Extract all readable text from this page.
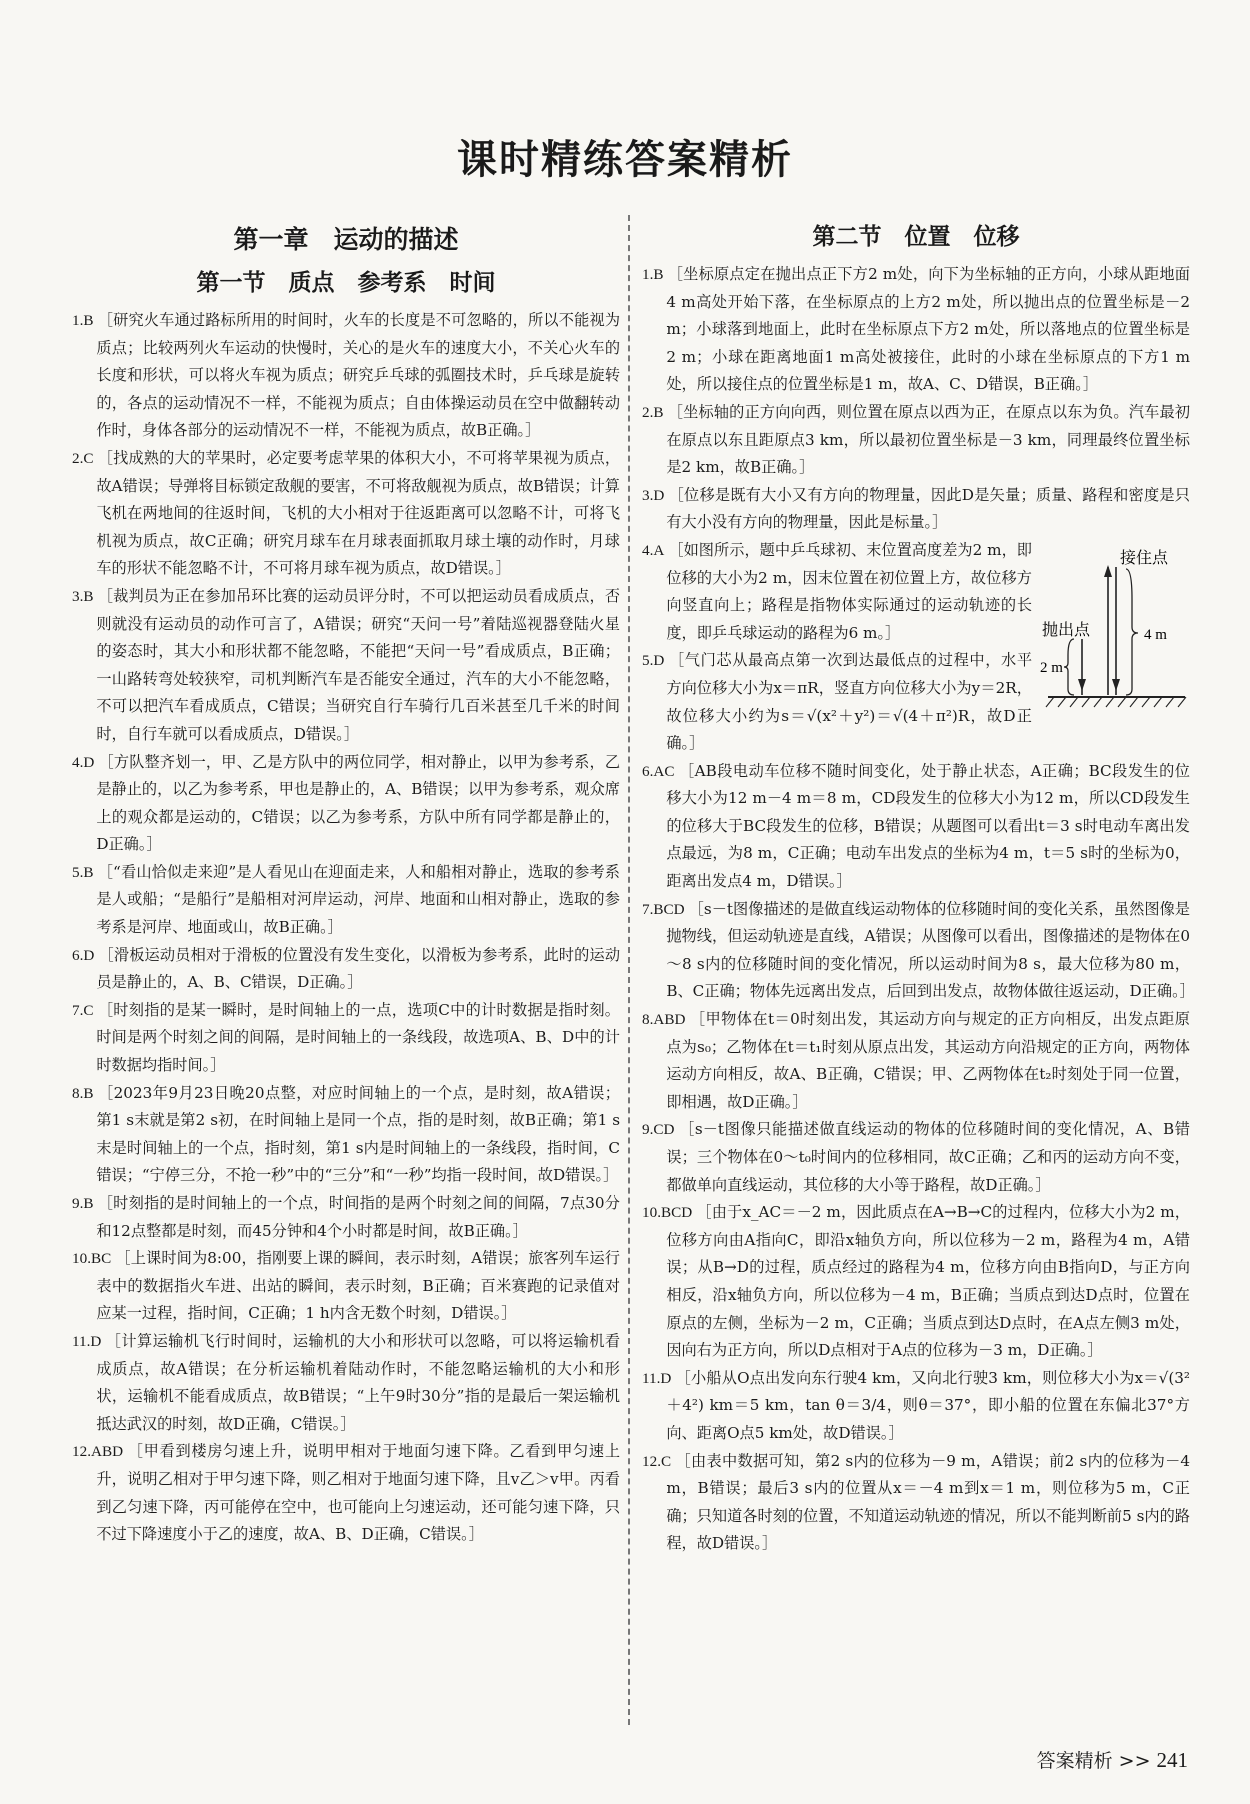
课时精练答案精析
第一章　运动的描述
第一节　质点　参考系　时间
1.B ［研究火车通过路标所用的时间时，火车的长度是不可忽略的，所以不能视为质点；比较两列火车运动的快慢时，关心的是火车的速度大小，不关心火车的长度和形状，可以将火车视为质点；研究乒乓球的弧圈技术时，乒乓球是旋转的，各点的运动情况不一样，不能视为质点；自由体操运动员在空中做翻转动作时，身体各部分的运动情况不一样，不能视为质点，故B正确。］
2.C ［找成熟的大的苹果时，必定要考虑苹果的体积大小，不可将苹果视为质点，故A错误；导弹将目标锁定敌舰的要害，不可将敌舰视为质点，故B错误；计算飞机在两地间的往返时间，飞机的大小相对于往返距离可以忽略不计，可将飞机视为质点，故C正确；研究月球车在月球表面抓取月球土壤的动作时，月球车的形状不能忽略不计，不可将月球车视为质点，故D错误。］
3.B ［裁判员为正在参加吊环比赛的运动员评分时，不可以把运动员看成质点，否则就没有运动员的动作可言了，A错误；研究“天问一号”着陆巡视器登陆火星的姿态时，其大小和形状都不能忽略，不能把“天问一号”看成质点，B正确；一山路转弯处较狭窄，司机判断汽车是否能安全通过，汽车的大小不能忽略，不可以把汽车看成质点，C错误；当研究自行车骑行几百米甚至几千米的时间时，自行车就可以看成质点，D错误。］
4.D ［方队整齐划一，甲、乙是方队中的两位同学，相对静止，以甲为参考系，乙是静止的，以乙为参考系，甲也是静止的，A、B错误；以甲为参考系，观众席上的观众都是运动的，C错误；以乙为参考系，方队中所有同学都是静止的，D正确。］
5.B ［“看山恰似走来迎”是人看见山在迎面走来，人和船相对静止，选取的参考系是人或船；“是船行”是船相对河岸运动，河岸、地面和山相对静止，选取的参考系是河岸、地面或山，故B正确。］
6.D ［滑板运动员相对于滑板的位置没有发生变化，以滑板为参考系，此时的运动员是静止的，A、B、C错误，D正确。］
7.C ［时刻指的是某一瞬时，是时间轴上的一点，选项C中的计时数据是指时刻。时间是两个时刻之间的间隔，是时间轴上的一条线段，故选项A、B、D中的计时数据均指时间。］
8.B ［2023年9月23日晚20点整，对应时间轴上的一个点，是时刻，故A错误；第1 s末就是第2 s初，在时间轴上是同一个点，指的是时刻，故B正确；第1 s末是时间轴上的一个点，指时刻，第1 s内是时间轴上的一条线段，指时间，C错误；“宁停三分，不抢一秒”中的“三分”和“一秒”均指一段时间，故D错误。］
9.B ［时刻指的是时间轴上的一个点，时间指的是两个时刻之间的间隔，7点30分和12点整都是时刻，而45分钟和4个小时都是时间，故B正确。］
10.BC ［上课时间为8:00，指刚要上课的瞬间，表示时刻，A错误；旅客列车运行表中的数据指火车进、出站的瞬间，表示时刻，B正确；百米赛跑的记录值对应某一过程，指时间，C正确；1 h内含无数个时刻，D错误。］
11.D ［计算运输机飞行时间时，运输机的大小和形状可以忽略，可以将运输机看成质点，故A错误；在分析运输机着陆动作时，不能忽略运输机的大小和形状，运输机不能看成质点，故B错误；“上午9时30分”指的是最后一架运输机抵达武汉的时刻，故D正确，C错误。］
12.ABD ［甲看到楼房匀速上升，说明甲相对于地面匀速下降。乙看到甲匀速上升，说明乙相对于甲匀速下降，则乙相对于地面匀速下降，且v乙＞v甲。丙看到乙匀速下降，丙可能停在空中，也可能向上匀速运动，还可能匀速下降，只不过下降速度小于乙的速度，故A、B、D正确，C错误。］
第二节　位置　位移
1.B ［坐标原点定在抛出点正下方2 m处，向下为坐标轴的正方向，小球从距地面4 m高处开始下落，在坐标原点的上方2 m处，所以抛出点的位置坐标是－2 m；小球落到地面上，此时在坐标原点下方2 m处，所以落地点的位置坐标是2 m；小球在距离地面1 m高处被接住，此时的小球在坐标原点的下方1 m处，所以接住点的位置坐标是1 m，故A、C、D错误，B正确。］
2.B ［坐标轴的正方向向西，则位置在原点以西为正，在原点以东为负。汽车最初在原点以东且距原点3 km，所以最初位置坐标是－3 km，同理最终位置坐标是2 km，故B正确。］
3.D ［位移是既有大小又有方向的物理量，因此D是矢量；质量、路程和密度是只有大小没有方向的物理量，因此是标量。］
接住点
抛出点	4 m
2 m
4.A ［如图所示，题中乒乓球初、末位置高度差为2 m，即位移的大小为2 m，因末位置在初位置上方，故位移方向竖直向上；路程是指物体实际通过的运动轨迹的长度，即乒乓球运动的路程为6 m。］
5.D ［气门芯从最高点第一次到达最低点的过程中，水平方向位移大小为x＝πR，竖直方向位移大小为y＝2R，故位移大小约为s＝√(x²＋y²)＝√(4＋π²)R，故D正确。］
6.AC ［AB段电动车位移不随时间变化，处于静止状态，A正确；BC段发生的位移大小为12 m－4 m＝8 m，CD段发生的位移大小为12 m，所以CD段发生的位移大于BC段发生的位移，B错误；从题图可以看出t＝3 s时电动车离出发点最远，为8 m，C正确；电动车出发点的坐标为4 m，t＝5 s时的坐标为0，距离出发点4 m，D错误。］
7.BCD ［s－t图像描述的是做直线运动物体的位移随时间的变化关系，虽然图像是抛物线，但运动轨迹是直线，A错误；从图像可以看出，图像描述的是物体在0～8 s内的位移随时间的变化情况，所以运动时间为8 s，最大位移为80 m，B、C正确；物体先远离出发点，后回到出发点，故物体做往返运动，D正确。］
8.ABD ［甲物体在t＝0时刻出发，其运动方向与规定的正方向相反，出发点距原点为s₀；乙物体在t＝t₁时刻从原点出发，其运动方向沿规定的正方向，两物体运动方向相反，故A、B正确，C错误；甲、乙两物体在t₂时刻处于同一位置，即相遇，故D正确。］
9.CD ［s－t图像只能描述做直线运动的物体的位移随时间的变化情况，A、B错误；三个物体在0～t₀时间内的位移相同，故C正确；乙和丙的运动方向不变，都做单向直线运动，其位移的大小等于路程，故D正确。］
10.BCD ［由于x_AC＝－2 m，因此质点在A→B→C的过程内，位移大小为2 m，位移方向由A指向C，即沿x轴负方向，所以位移为－2 m，路程为4 m，A错误；从B→D的过程，质点经过的路程为4 m，位移方向由B指向D，与正方向相反，沿x轴负方向，所以位移为－4 m，B正确；当质点到达D点时，位置在原点的左侧，坐标为－2 m，C正确；当质点到达D点时，在A点左侧3 m处，因向右为正方向，所以D点相对于A点的位移为－3 m，D正确。］
11.D ［小船从O点出发向东行驶4 km，又向北行驶3 km，则位移大小为x＝√(3²＋4²) km＝5 km，tan θ＝3/4，则θ＝37°，即小船的位置在东偏北37°方向、距离O点5 km处，故D错误。］
12.C ［由表中数据可知，第2 s内的位移为－9 m，A错误；前2 s内的位移为－4 m，B错误；最后3 s内的位置从x＝－4 m到x＝1 m，则位移为5 m，C正确；只知道各时刻的位置，不知道运动轨迹的情况，所以不能判断前5 s内的路程，故D错误。］
答案精析 >> 241
